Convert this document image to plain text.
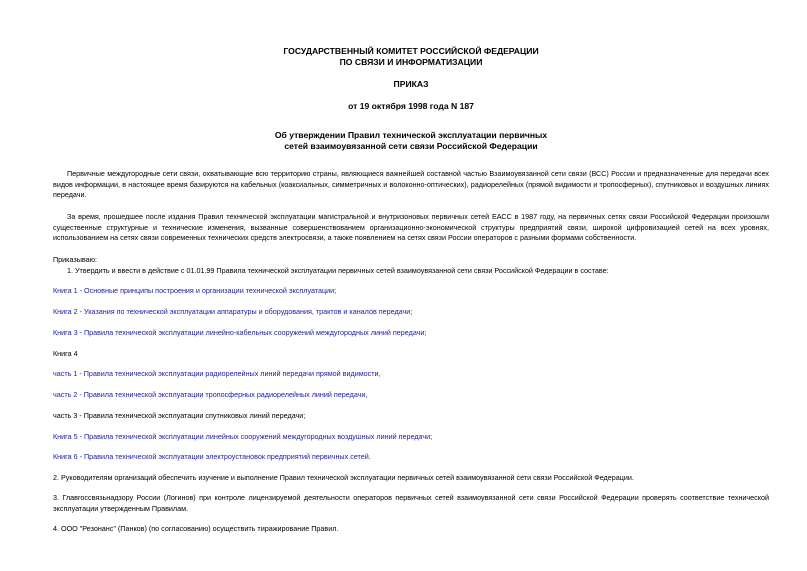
ГОСУДАРСТВЕННЫЙ КОМИТЕТ РОССИЙСКОЙ ФЕДЕРАЦИИ
ПО СВЯЗИ И ИНФОРМАТИЗАЦИИ
ПРИКАЗ
от 19 октября 1998 года N 187
Об утверждении Правил технической эксплуатации первичных
сетей взаимоувязанной сети связи Российской Федерации
Первичные междугородные сети связи, охватывающие всю территорию страны, являющиеся важнейшей составной частью Взаимоувязанной сети связи (ВСС) России и предназначенные для передачи всех видов информации, в настоящее время базируются на кабельных (коаксиальных, симметричных и волоконно-оптических), радиорелейных (прямой видимости и тропосферных), спутниковых и воздушных линиях передачи.
За время, прошедшее после издания Правил технической эксплуатации магистральной и внутризоновых первичных сетей ЕАСС в 1987 году, на первичных сетях связи Российской Федерации произошли существенные структурные и технические изменения, вызванные совершенствованием организационно-экономической структуры предприятий связи, широкой цифровизацией сетей на всех уровнях, использованием на сетях связи современных технических средств электросвязи, а также появлением на сетях связи России операторов с разными формами собственности.
Приказываю:
1. Утвердить и ввести в действие с 01.01.99 Правила технической эксплуатации первичных сетей взаимоувязанной сети связи Российской Федерации в составе:
Книга 1 - Основные принципы построения и организации технической эксплуатации;
Книга 2 - Указания по технической эксплуатации аппаратуры и оборудования, трактов и каналов передачи;
Книга 3 - Правила технической эксплуатации линейно-кабельных сооружений междугородных линий передачи;
Книга 4
часть 1 - Правила технической эксплуатации радиорелейных линий передачи прямой видимости,
часть 2 - Правила технической эксплуатации тропосферных радиорелейных линий передачи,
часть 3 - Правила технической эксплуатации спутниковых линий передачи;
Книга 5 - Правила технической эксплуатации линейных сооружений междугородных воздушных линий передачи;
Книга 6 - Правила технической эксплуатации электроустановок предприятий первичных сетей.
2. Руководителям организаций обеспечить изучение и выполнение Правил технической эксплуатации первичных сетей взаимоувязанной сети связи Российской Федерации.
3. Главгоссвязьнадзору России (Логинов) при контроле лицензируемой деятельности операторов первичных сетей взаимоувязанной сети связи Российской Федерации проверять соответствие технической эксплуатации утвержденным Правилам.
4. ООО "Резонанс" (Панков) (по согласованию) осуществить тиражирование Правил.
